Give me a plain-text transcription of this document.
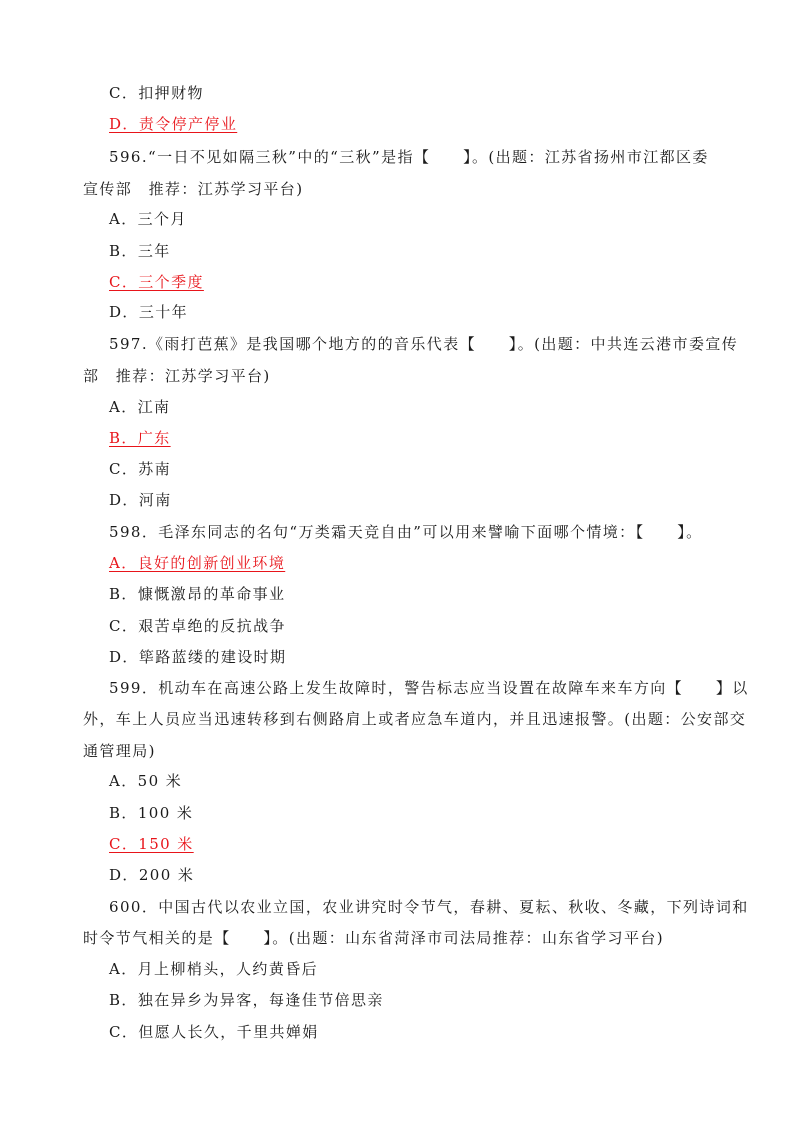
C．扣押财物
D．责令停产停业
596.“一日不见如隔三秋”中的“三秋”是指【　　】。(出题：江苏省扬州市江都区委
宣传部　推荐：江苏学习平台)
A．三个月
B．三年
C．三个季度
D．三十年
597.《雨打芭蕉》是我国哪个地方的的音乐代表【　　】。(出题：中共连云港市委宣传
部　推荐：江苏学习平台)
A．江南
B．广东
C．苏南
D．河南
598．毛泽东同志的名句“万类霜天竞自由”可以用来譬喻下面哪个情境：【　　】。
A．良好的创新创业环境
B．慷慨激昂的革命事业
C．艰苦卓绝的反抗战争
D．筚路蓝缕的建设时期
599．机动车在高速公路上发生故障时，警告标志应当设置在故障车来车方向【　　】以
外，车上人员应当迅速转移到右侧路肩上或者应急车道内，并且迅速报警。(出题：公安部交
通管理局)
A．50 米
B．100 米
C．150 米
D．200 米
600．中国古代以农业立国，农业讲究时令节气，春耕、夏耘、秋收、冬藏，下列诗词和
时令节气相关的是【　　】。(出题：山东省菏泽市司法局推荐：山东省学习平台)
A．月上柳梢头，人约黄昏后
B．独在异乡为异客，每逢佳节倍思亲
C．但愿人长久，千里共婵娟
